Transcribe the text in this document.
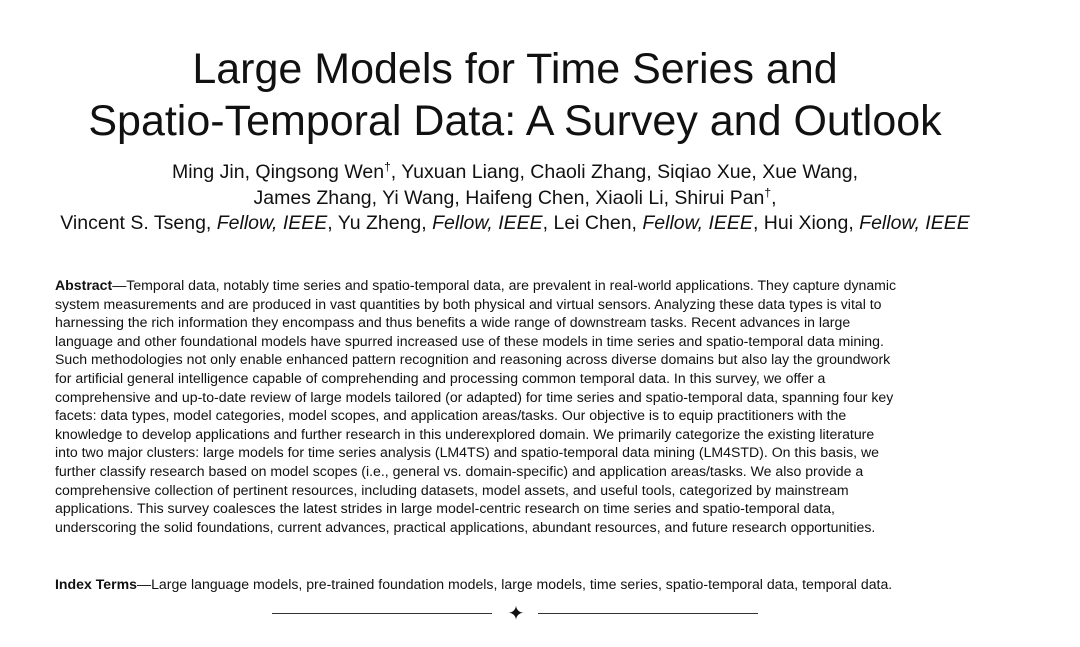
Large Models for Time Series and
Spatio-Temporal Data: A Survey and Outlook
Ming Jin, Qingsong Wen†, Yuxuan Liang, Chaoli Zhang, Siqiao Xue, Xue Wang,
James Zhang, Yi Wang, Haifeng Chen, Xiaoli Li, Shirui Pan†,
Vincent S. Tseng, Fellow, IEEE, Yu Zheng, Fellow, IEEE, Lei Chen, Fellow, IEEE, Hui Xiong, Fellow, IEEE
Abstract—Temporal data, notably time series and spatio-temporal data, are prevalent in real-world applications. They capture dynamic
system measurements and are produced in vast quantities by both physical and virtual sensors. Analyzing these data types is vital to
harnessing the rich information they encompass and thus benefits a wide range of downstream tasks. Recent advances in large
language and other foundational models have spurred increased use of these models in time series and spatio-temporal data mining.
Such methodologies not only enable enhanced pattern recognition and reasoning across diverse domains but also lay the groundwork
for artificial general intelligence capable of comprehending and processing common temporal data. In this survey, we offer a
comprehensive and up-to-date review of large models tailored (or adapted) for time series and spatio-temporal data, spanning four key
facets: data types, model categories, model scopes, and application areas/tasks. Our objective is to equip practitioners with the
knowledge to develop applications and further research in this underexplored domain. We primarily categorize the existing literature
into two major clusters: large models for time series analysis (LM4TS) and spatio-temporal data mining (LM4STD). On this basis, we
further classify research based on model scopes (i.e., general vs. domain-specific) and application areas/tasks. We also provide a
comprehensive collection of pertinent resources, including datasets, model assets, and useful tools, categorized by mainstream
applications. This survey coalesces the latest strides in large model-centric research on time series and spatio-temporal data,
underscoring the solid foundations, current advances, practical applications, abundant resources, and future research opportunities.
Index Terms—Large language models, pre-trained foundation models, large models, time series, spatio-temporal data, temporal data.
✦
